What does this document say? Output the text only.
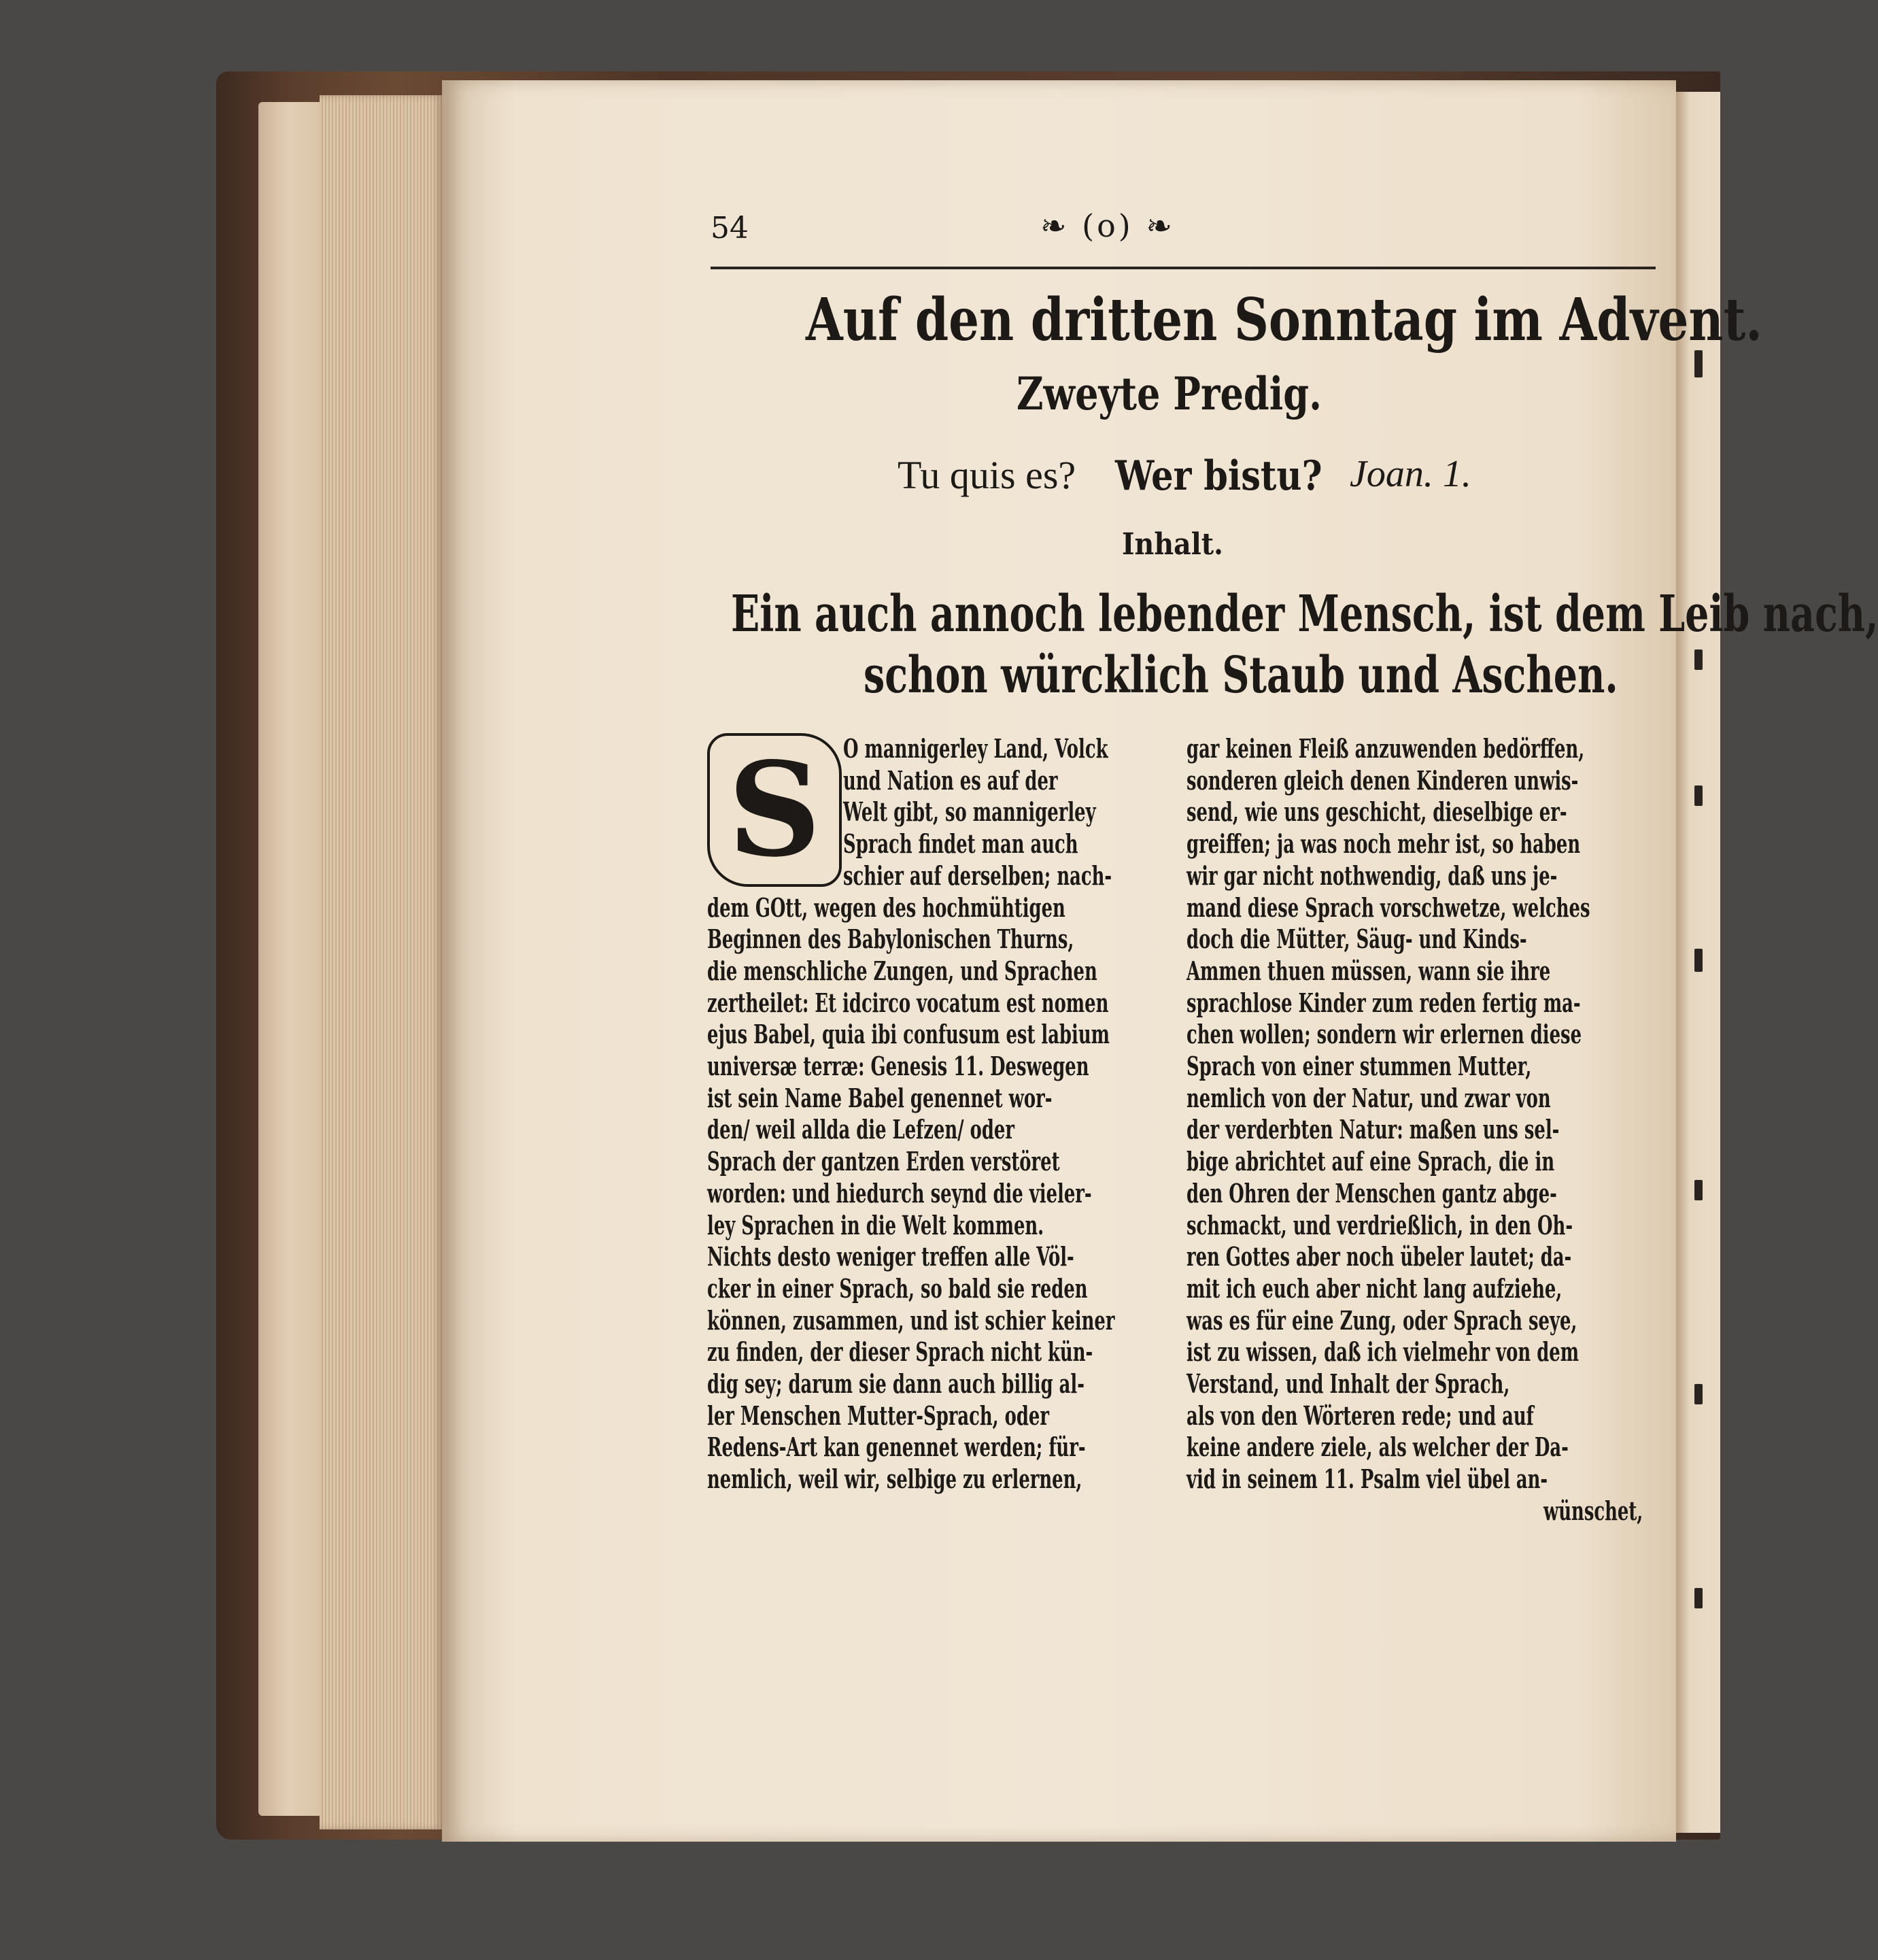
54	❧ (o) ❧
Auf den dritten Sonntag im Advent.
Zweyte Predig.
Tu quis es? Wer bistu? Joan. 1.
Inhalt.
Ein auch annoch lebender Mensch, ist dem Leib nach,
schon würcklich Staub und Aschen.
S O mannigerley Land, Volck
und Nation es auf der
Welt gibt, so mannigerley
Sprach findet man auch
schier auf derselben; nach-
dem GOtt, wegen des hochmühtigen
Beginnen des Babylonischen Thurns,
die menschliche Zungen, und Sprachen
zertheilet: Et idcirco vocatum est nomen
ejus Babel, quia ibi confusum est labium
universæ terræ: Genesis 11. Deswegen
ist sein Name Babel genennet wor-
den/ weil allda die Lefzen/ oder
Sprach der gantzen Erden verstöret
worden: und hiedurch seynd die vieler-
ley Sprachen in die Welt kommen.
Nichts desto weniger treffen alle Völ-
cker in einer Sprach, so bald sie reden
können, zusammen, und ist schier keiner
zu finden, der dieser Sprach nicht kün-
dig sey; darum sie dann auch billig al-
ler Menschen Mutter-Sprach, oder
Redens-Art kan genennet werden; für-
nemlich, weil wir, selbige zu erlernen,
gar keinen Fleiß anzuwenden bedörffen,
sonderen gleich denen Kinderen unwis-
send, wie uns geschicht, dieselbige er-
greiffen; ja was noch mehr ist, so haben
wir gar nicht nothwendig, daß uns je-
mand diese Sprach vorschwetze, welches
doch die Mütter, Säug- und Kinds-
Ammen thuen müssen, wann sie ihre
sprachlose Kinder zum reden fertig ma-
chen wollen; sondern wir erlernen diese
Sprach von einer stummen Mutter,
nemlich von der Natur, und zwar von
der verderbten Natur: maßen uns sel-
bige abrichtet auf eine Sprach, die in
den Ohren der Menschen gantz abge-
schmackt, und verdrießlich, in den Oh-
ren Gottes aber noch übeler lautet; da-
mit ich euch aber nicht lang aufziehe,
was es für eine Zung, oder Sprach seye,
ist zu wissen, daß ich vielmehr von dem
Verstand, und Inhalt der Sprach,
als von den Wörteren rede; und auf
keine andere ziele, als welcher der Da-
vid in seinem 11. Psalm viel übel an-
wünschet,
